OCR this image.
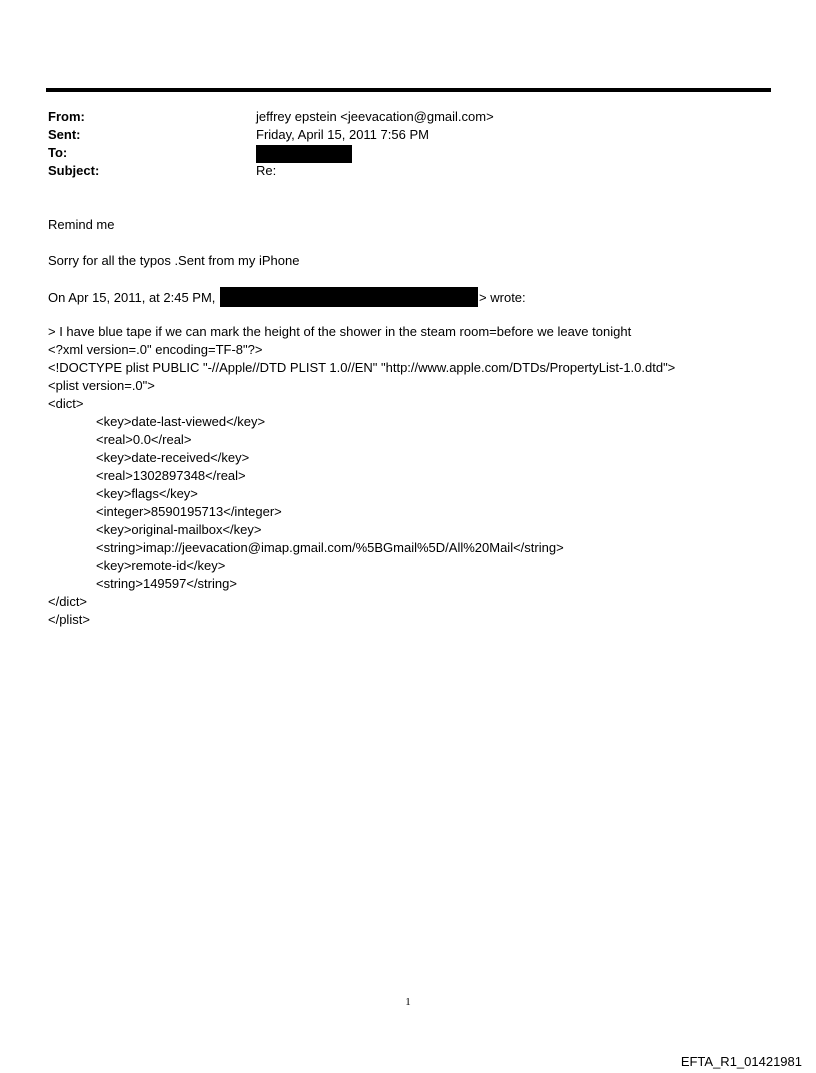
From:	jeffrey epstein <jeevacation@gmail.com>
Sent:	Friday, April 15, 2011 7:56 PM
To:
Subject:	Re:
Remind me
Sorry for all the typos .Sent from my iPhone
On Apr 15, 2011, at 2:45 PM,	> wrote:
> I have blue tape if we can mark the height of the shower in the steam room=before we leave tonight
<?xml version=.0" encoding=TF-8"?>
<!DOCTYPE plist PUBLIC "-//Apple//DTD PLIST 1.0//EN" "http://www.apple.com/DTDs/PropertyList-1.0.dtd">
<plist version=.0">
<dict>
<key>date-last-viewed</key>
<real>0.0</real>
<key>date-received</key>
<real>1302897348</real>
<key>flags</key>
<integer>8590195713</integer>
<key>original-mailbox</key>
<string>imap://jeevacation@imap.gmail.com/%5BGmail%5D/All%20Mail</string>
<key>remote-id</key>
<string>149597</string>
</dict>
</plist>
1
EFTA_R1_01421981
